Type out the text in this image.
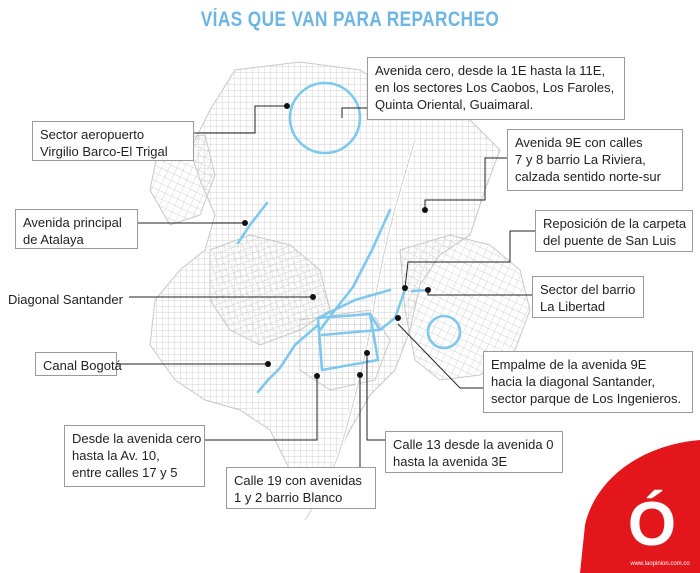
Ó
www.laopinion.com.co
VÍAS QUE VAN PARA REPARCHEO
Sector aeropuerto
Virgilio Barco-El Trigal
Avenida cero, desde la 1E hasta la 11E,
en los sectores Los Caobos, Los Faroles,
Quinta Oriental, Guaimaral.
Avenida 9E con calles
7 y 8 barrio La Riviera,
calzada sentido norte-sur
Avenida principal
de Atalaya
Reposición de la carpeta
del puente de San Luis
Diagonal Santander
Sector del barrio
La Libertad
Canal Bogotá	Empalme de la avenida 9E
hacia la diagonal Santander,
sector parque de Los Ingenieros.
Desde la avenida cero
hasta la Av. 10,
entre calles 17 y 5
Calle 13 desde la avenida 0
hasta la avenida 3E
Calle 19 con avenidas
1 y 2 barrio Blanco
